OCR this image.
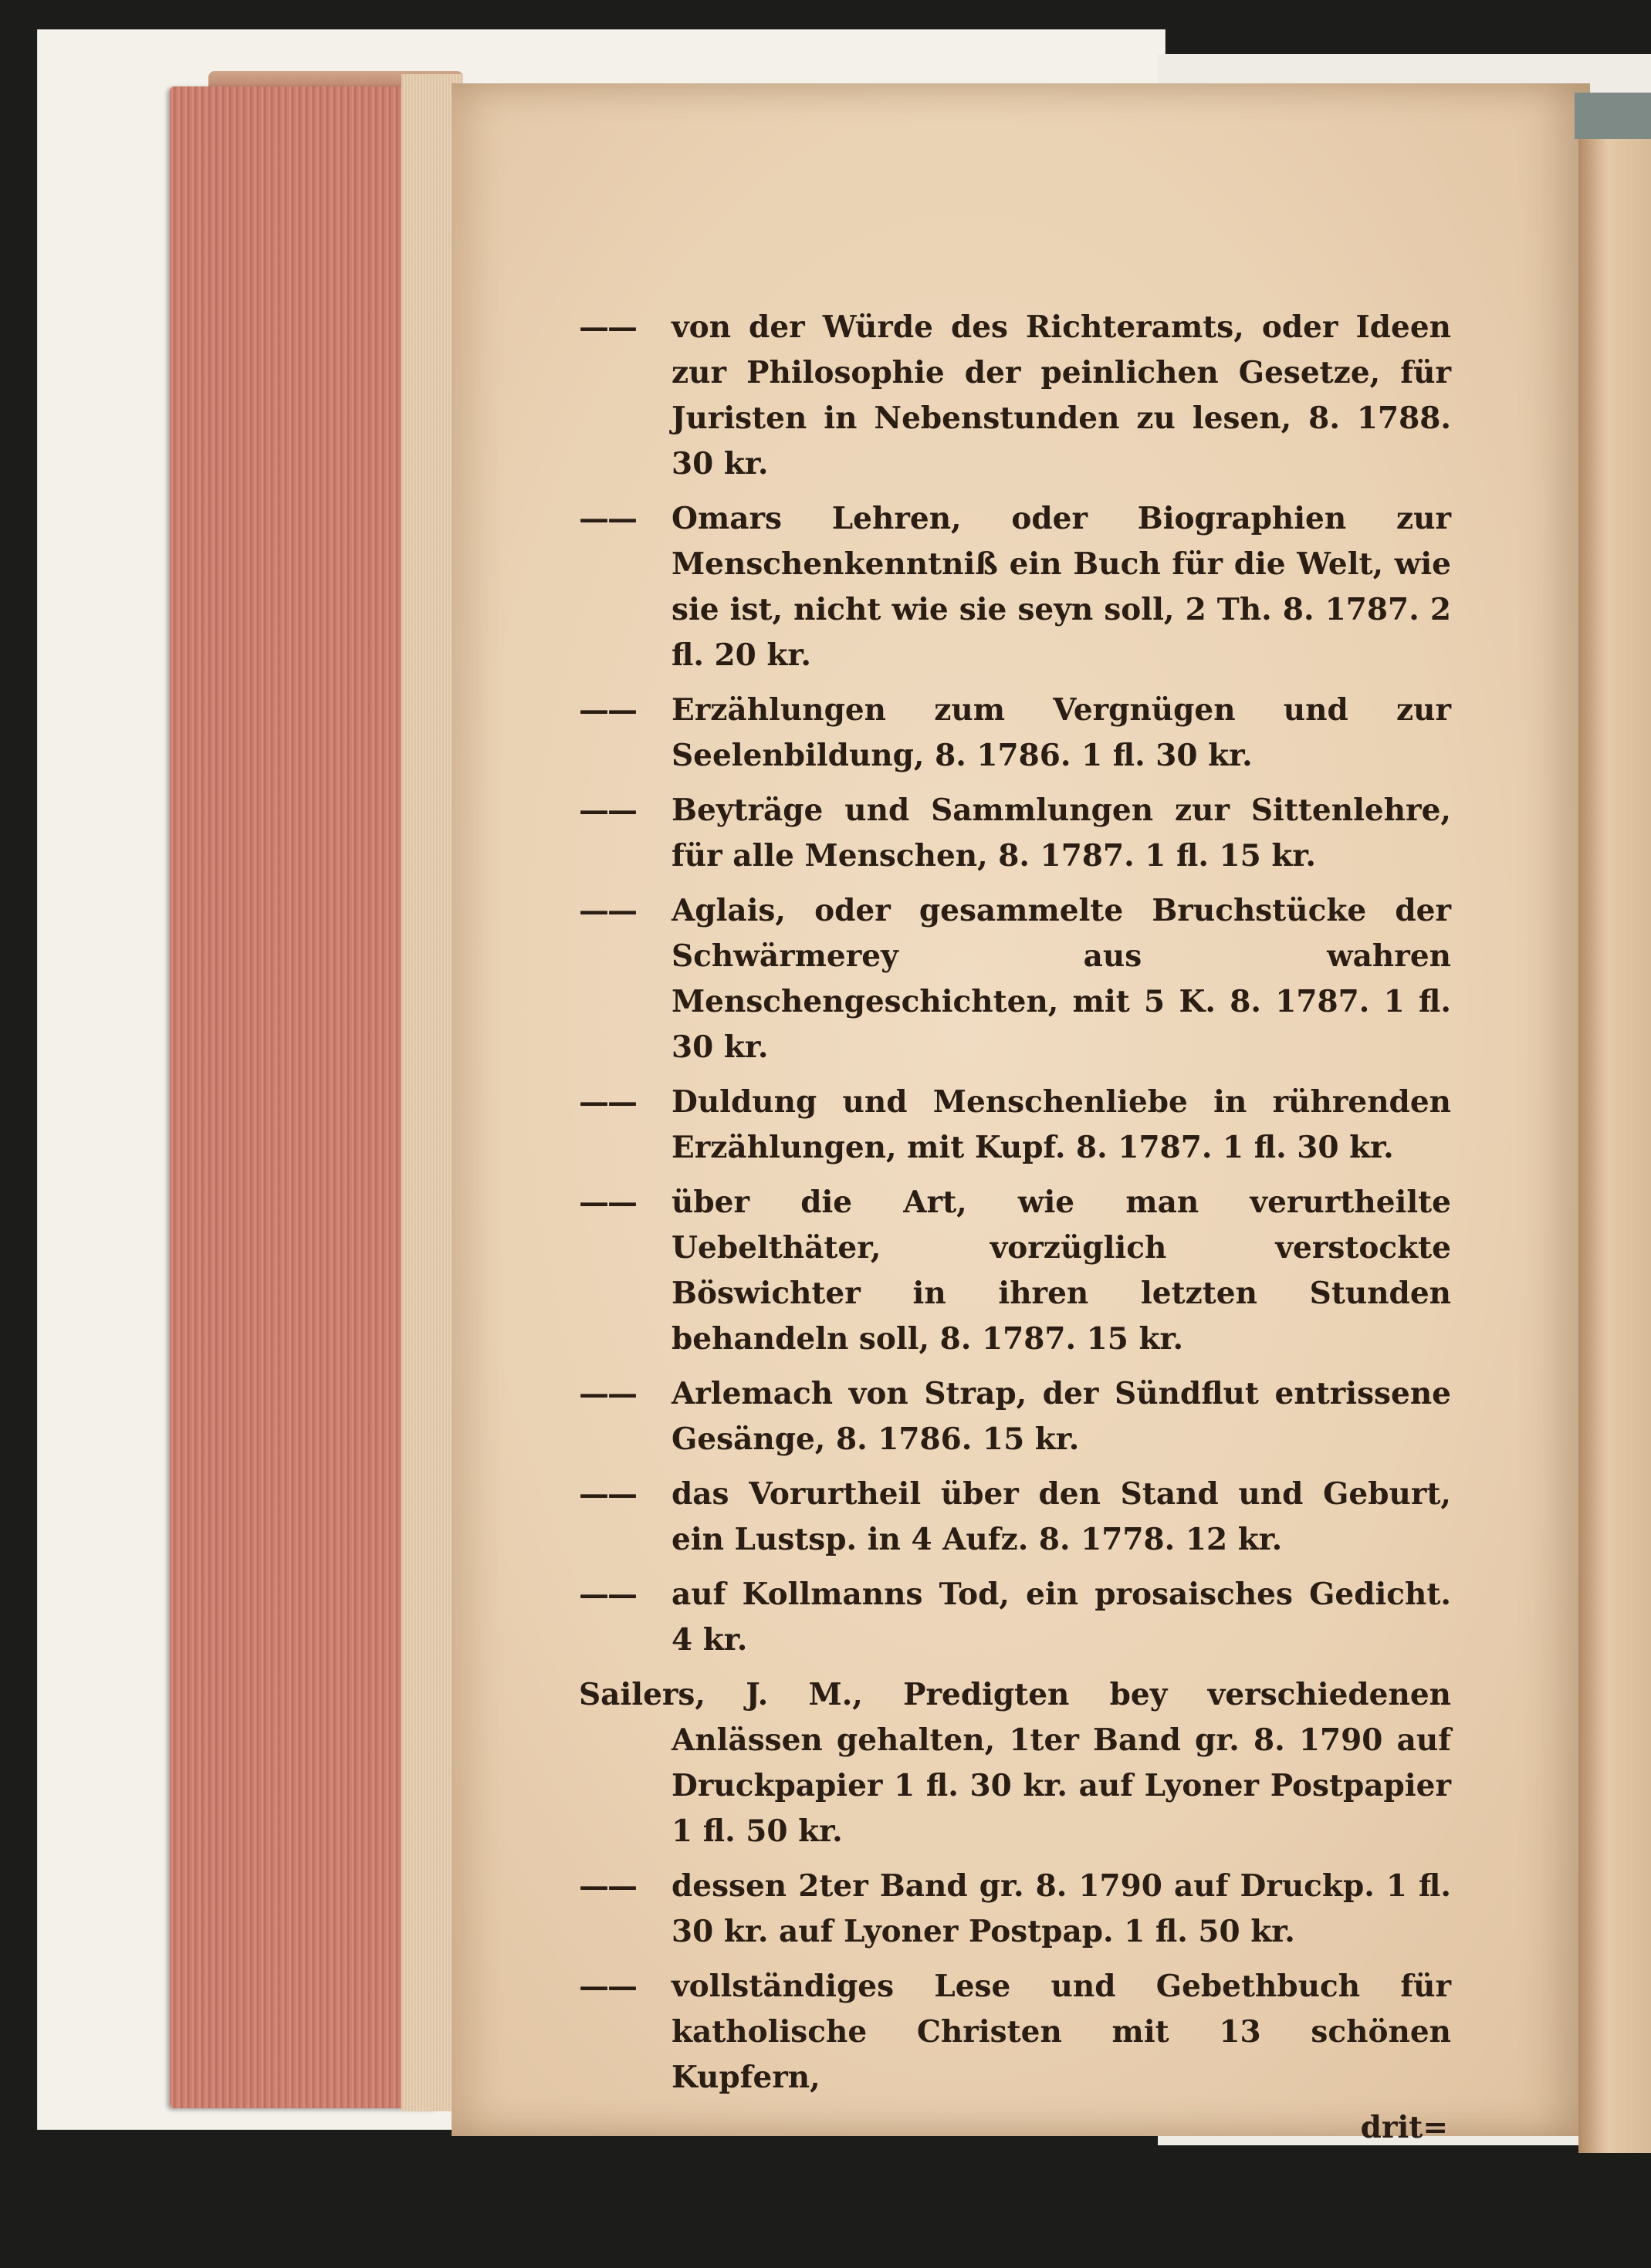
—— von der Würde des Richteramts, oder Ideen zur Philosophie der peinlichen Gesetze, für Juristen in Nebenstunden zu lesen, 8. 1788. 30 kr.
—— Omars Lehren, oder Biographien zur Menschenkenntniß ein Buch für die Welt, wie sie ist, nicht wie sie seyn soll, 2 Th. 8. 1787. 2 fl. 20 kr.
—— Erzählungen zum Vergnügen und zur Seelenbildung, 8. 1786. 1 fl. 30 kr.
—— Beyträge und Sammlungen zur Sittenlehre, für alle Menschen, 8. 1787. 1 fl. 15 kr.
—— Aglais, oder gesammelte Bruchstücke der Schwärmerey aus wahren Menschengeschichten, mit 5 K. 8. 1787. 1 fl. 30 kr.
—— Duldung und Menschenliebe in rührenden Erzählungen, mit Kupf. 8. 1787. 1 fl. 30 kr.
—— über die Art, wie man verurtheilte Uebelthäter, vorzüglich verstockte Böswichter in ihren letzten Stunden behandeln soll, 8. 1787. 15 kr.
—— Arlemach von Strap, der Sündflut entrissene Gesänge, 8. 1786. 15 kr.
—— das Vorurtheil über den Stand und Geburt, ein Lustsp. in 4 Aufz. 8. 1778. 12 kr.
—— auf Kollmanns Tod, ein prosaisches Gedicht. 4 kr.
Sailers, J. M., Predigten bey verschiedenen Anlässen gehalten, 1ter Band gr. 8. 1790 auf Druckpapier 1 fl. 30 kr. auf Lyoner Postpapier 1 fl. 50 kr.
—— dessen 2ter Band gr. 8. 1790 auf Druckp. 1 fl. 30 kr. auf Lyoner Postpap. 1 fl. 50 kr.
—— vollständiges Lese und Gebethbuch für katholische Christen mit 13 schönen Kupfern,
drit=
